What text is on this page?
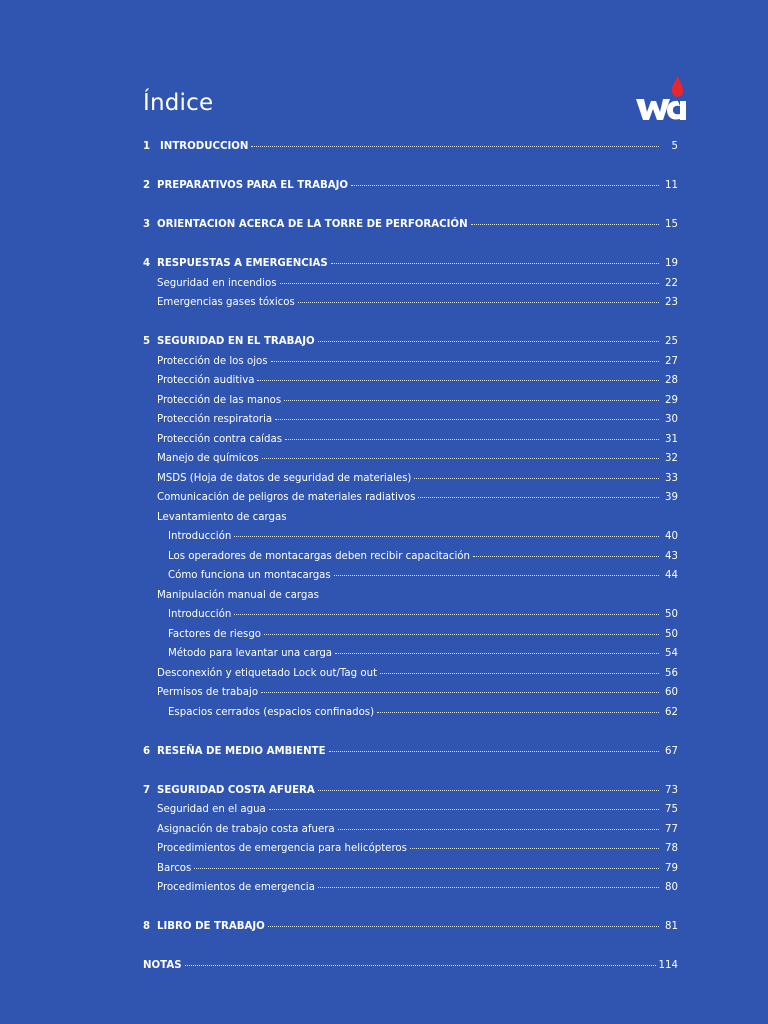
Índice
WCI
1 INTRODUCCION	5
2 PREPARATIVOS PARA EL TRABAJO	11
3 ORIENTACION ACERCA DE LA TORRE DE PERFORACIÓN	15
4 RESPUESTAS A EMERGENCIAS	19
Seguridad en incendios	22
Emergencias gases tóxicos	23
5 SEGURIDAD EN EL TRABAJO	25
Protección de los ojos	27
Protección auditiva	28
Protección de las manos	29
Protección respiratoria	30
Protección contra caídas	31
Manejo de químicos	32
MSDS (Hoja de datos de seguridad de materiales)	33
Comunicación de peligros de materiales radiativos	39
Levantamiento de cargas
Introducción	40
Los operadores de montacargas deben recibir capacitación	43
Cómo funciona un montacargas	44
Manipulación manual de cargas
Introducción	50
Factores de riesgo	50
Método para levantar una carga	54
Desconexión y etiquetado Lock out/Tag out	56
Permisos de trabajo	60
Espacios cerrados (espacios confinados)	62
6 RESEÑA DE MEDIO AMBIENTE	67
7 SEGURIDAD COSTA AFUERA	73
Seguridad en el agua	75
Asignación de trabajo costa afuera	77
Procedimientos de emergencia para helicópteros	78
Barcos	79
Procedimientos de emergencia	80
8 LIBRO DE TRABAJO	81
NOTAS	114
